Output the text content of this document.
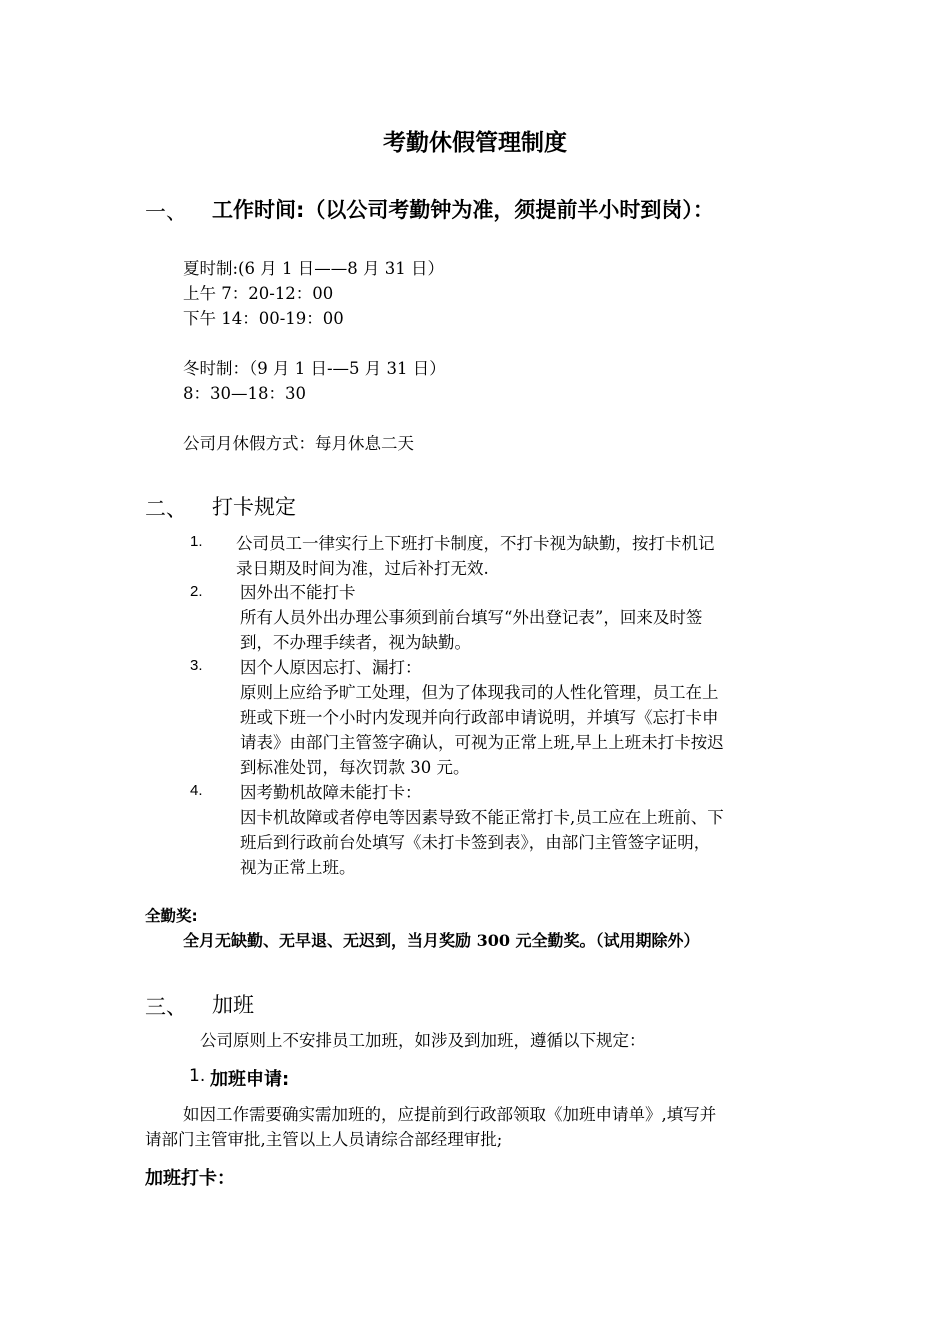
考勤休假管理制度
一、 工作时间:（以公司考勤钟为准，须提前半小时到岗）：
夏时制:(6 月 1 日——8 月 31 日）
上午 7：20-12：00
下午 14：00-19：00
冬时制：（9 月 1 日-—5 月 31 日）
8：30—18：30
公司月休假方式：每月休息二天
二、 打卡规定
1. 公司员工一律实行上下班打卡制度，不打卡视为缺勤，按打卡机记
录日期及时间为准，过后补打无效.
2. 因外出不能打卡
所有人员外出办理公事须到前台填写“外出登记表”，回来及时签
到，不办理手续者，视为缺勤。
3. 因个人原因忘打、漏打：
原则上应给予旷工处理，但为了体现我司的人性化管理，员工在上
班或下班一个小时内发现并向行政部申请说明，并填写《忘打卡申
请表》由部门主管签字确认，可视为正常上班,早上上班未打卡按迟
到标准处罚，每次罚款 30 元。
4. 因考勤机故障未能打卡：
因卡机故障或者停电等因素导致不能正常打卡,员工应在上班前、下
班后到行政前台处填写《未打卡签到表》，由部门主管签字证明，
视为正常上班。
全勤奖:
全月无缺勤、无早退、无迟到，当月奖励 300 元全勤奖。（试用期除外）
三、 加班
公司原则上不安排员工加班，如涉及到加班，遵循以下规定：
1. 加班申请:
如因工作需要确实需加班的，应提前到行政部领取《加班申请单》,填写并
请部门主管审批,主管以上人员请综合部经理审批;
加班打卡：
